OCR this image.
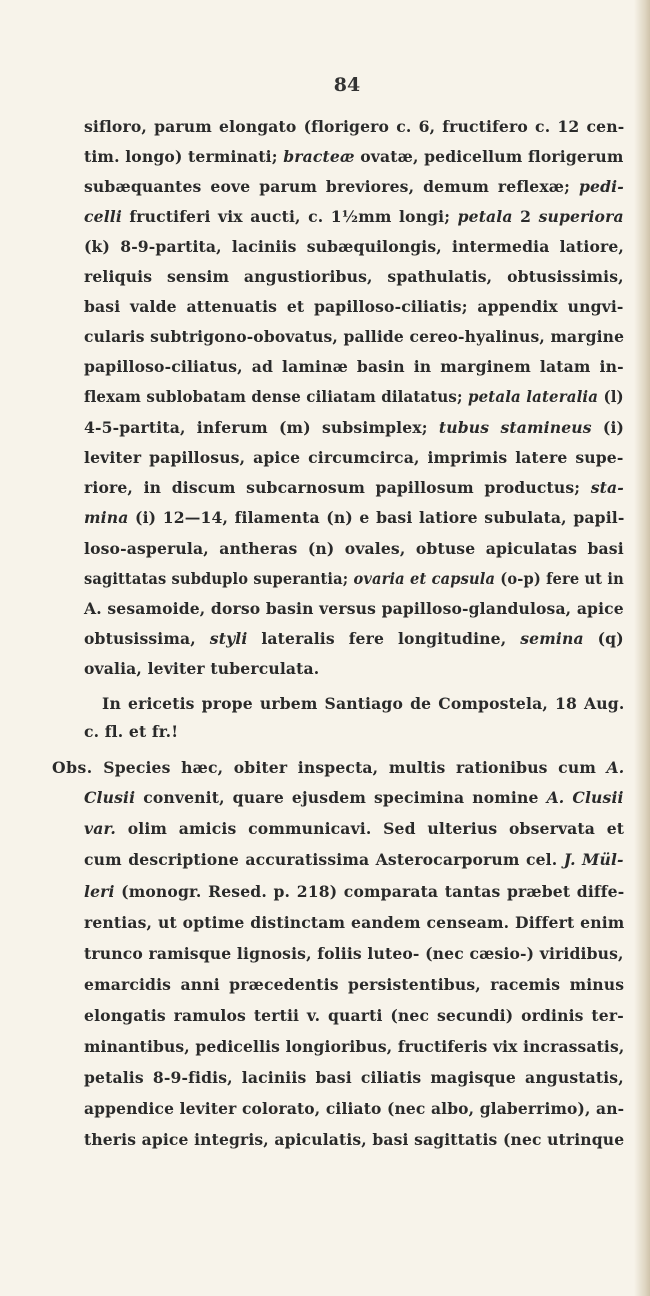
84
sifloro, parum elongato (florigero c. 6, fructifero c. 12 cen-
tim. longo) terminati; bracteæ ovatæ, pedicellum florigerum
subæquantes eove parum breviores, demum reflexæ; pedi-
celli fructiferi vix aucti, c. 1½mm longi; petala 2 superiora
(k) 8-9-partita, laciniis subæquilongis, intermedia latiore,
reliquis sensim angustioribus, spathulatis, obtusissimis,
basi valde attenuatis et papilloso-ciliatis; appendix ungvi-
cularis subtrigono-obovatus, pallide cereo-hyalinus, margine
papilloso-ciliatus, ad laminæ basin in marginem latam in-
flexam sublobatam dense ciliatam dilatatus; petala lateralia (l)
4-5-partita, inferum (m) subsimplex; tubus staminеus (i)
leviter papillosus, apice circumcirca, imprimis latere supe-
riore, in discum subcarnosum papillosum productus; sta-
mina (i) 12—14, filamenta (n) e basi latiore subulata, papil-
loso-asperula, antheras (n) ovales, obtuse apiculatas basi
sagittatas subduplo superantia; ovaria et capsula (o-p) fere ut in
A. sesamoide, dorso basin versus papilloso-glandulosa, apice
obtusissima, styli lateralis fere longitudine, semina (q)
ovalia, leviter tuberculata.
In ericetis prope urbem Santiago de Compostela, 18 Aug.
c. fl. et fr.!
Obs. Species hæc, obiter inspecta, multis rationibus cum A.
Clusii convenit, quare ejusdem specimina nomine A. Clusii
var. olim amicis communicavi. Sed ulterius observata et
cum descriptione accuratissima Asterocarporum cel. J. Mül-
leri (monogr. Resed. p. 218) comparata tantas præbet diffe-
rentias, ut optime distinctam eandem censeam. Differt enim
trunco ramisque lignosis, foliis luteo- (nec cæsio-) viridibus,
emarcidis anni præcedentis persistentibus, racemis minus
elongatis ramulos tertii v. quarti (nec secundi) ordinis ter-
minantibus, pedicellis longioribus, fructiferis vix incrassatis,
petalis 8-9-fidis, laciniis basi ciliatis magisque angustatis,
appendice leviter colorato, ciliato (nec albo, glaberrimo), an-
theris apice integris, apiculatis, basi sagittatis (nec utrinque
